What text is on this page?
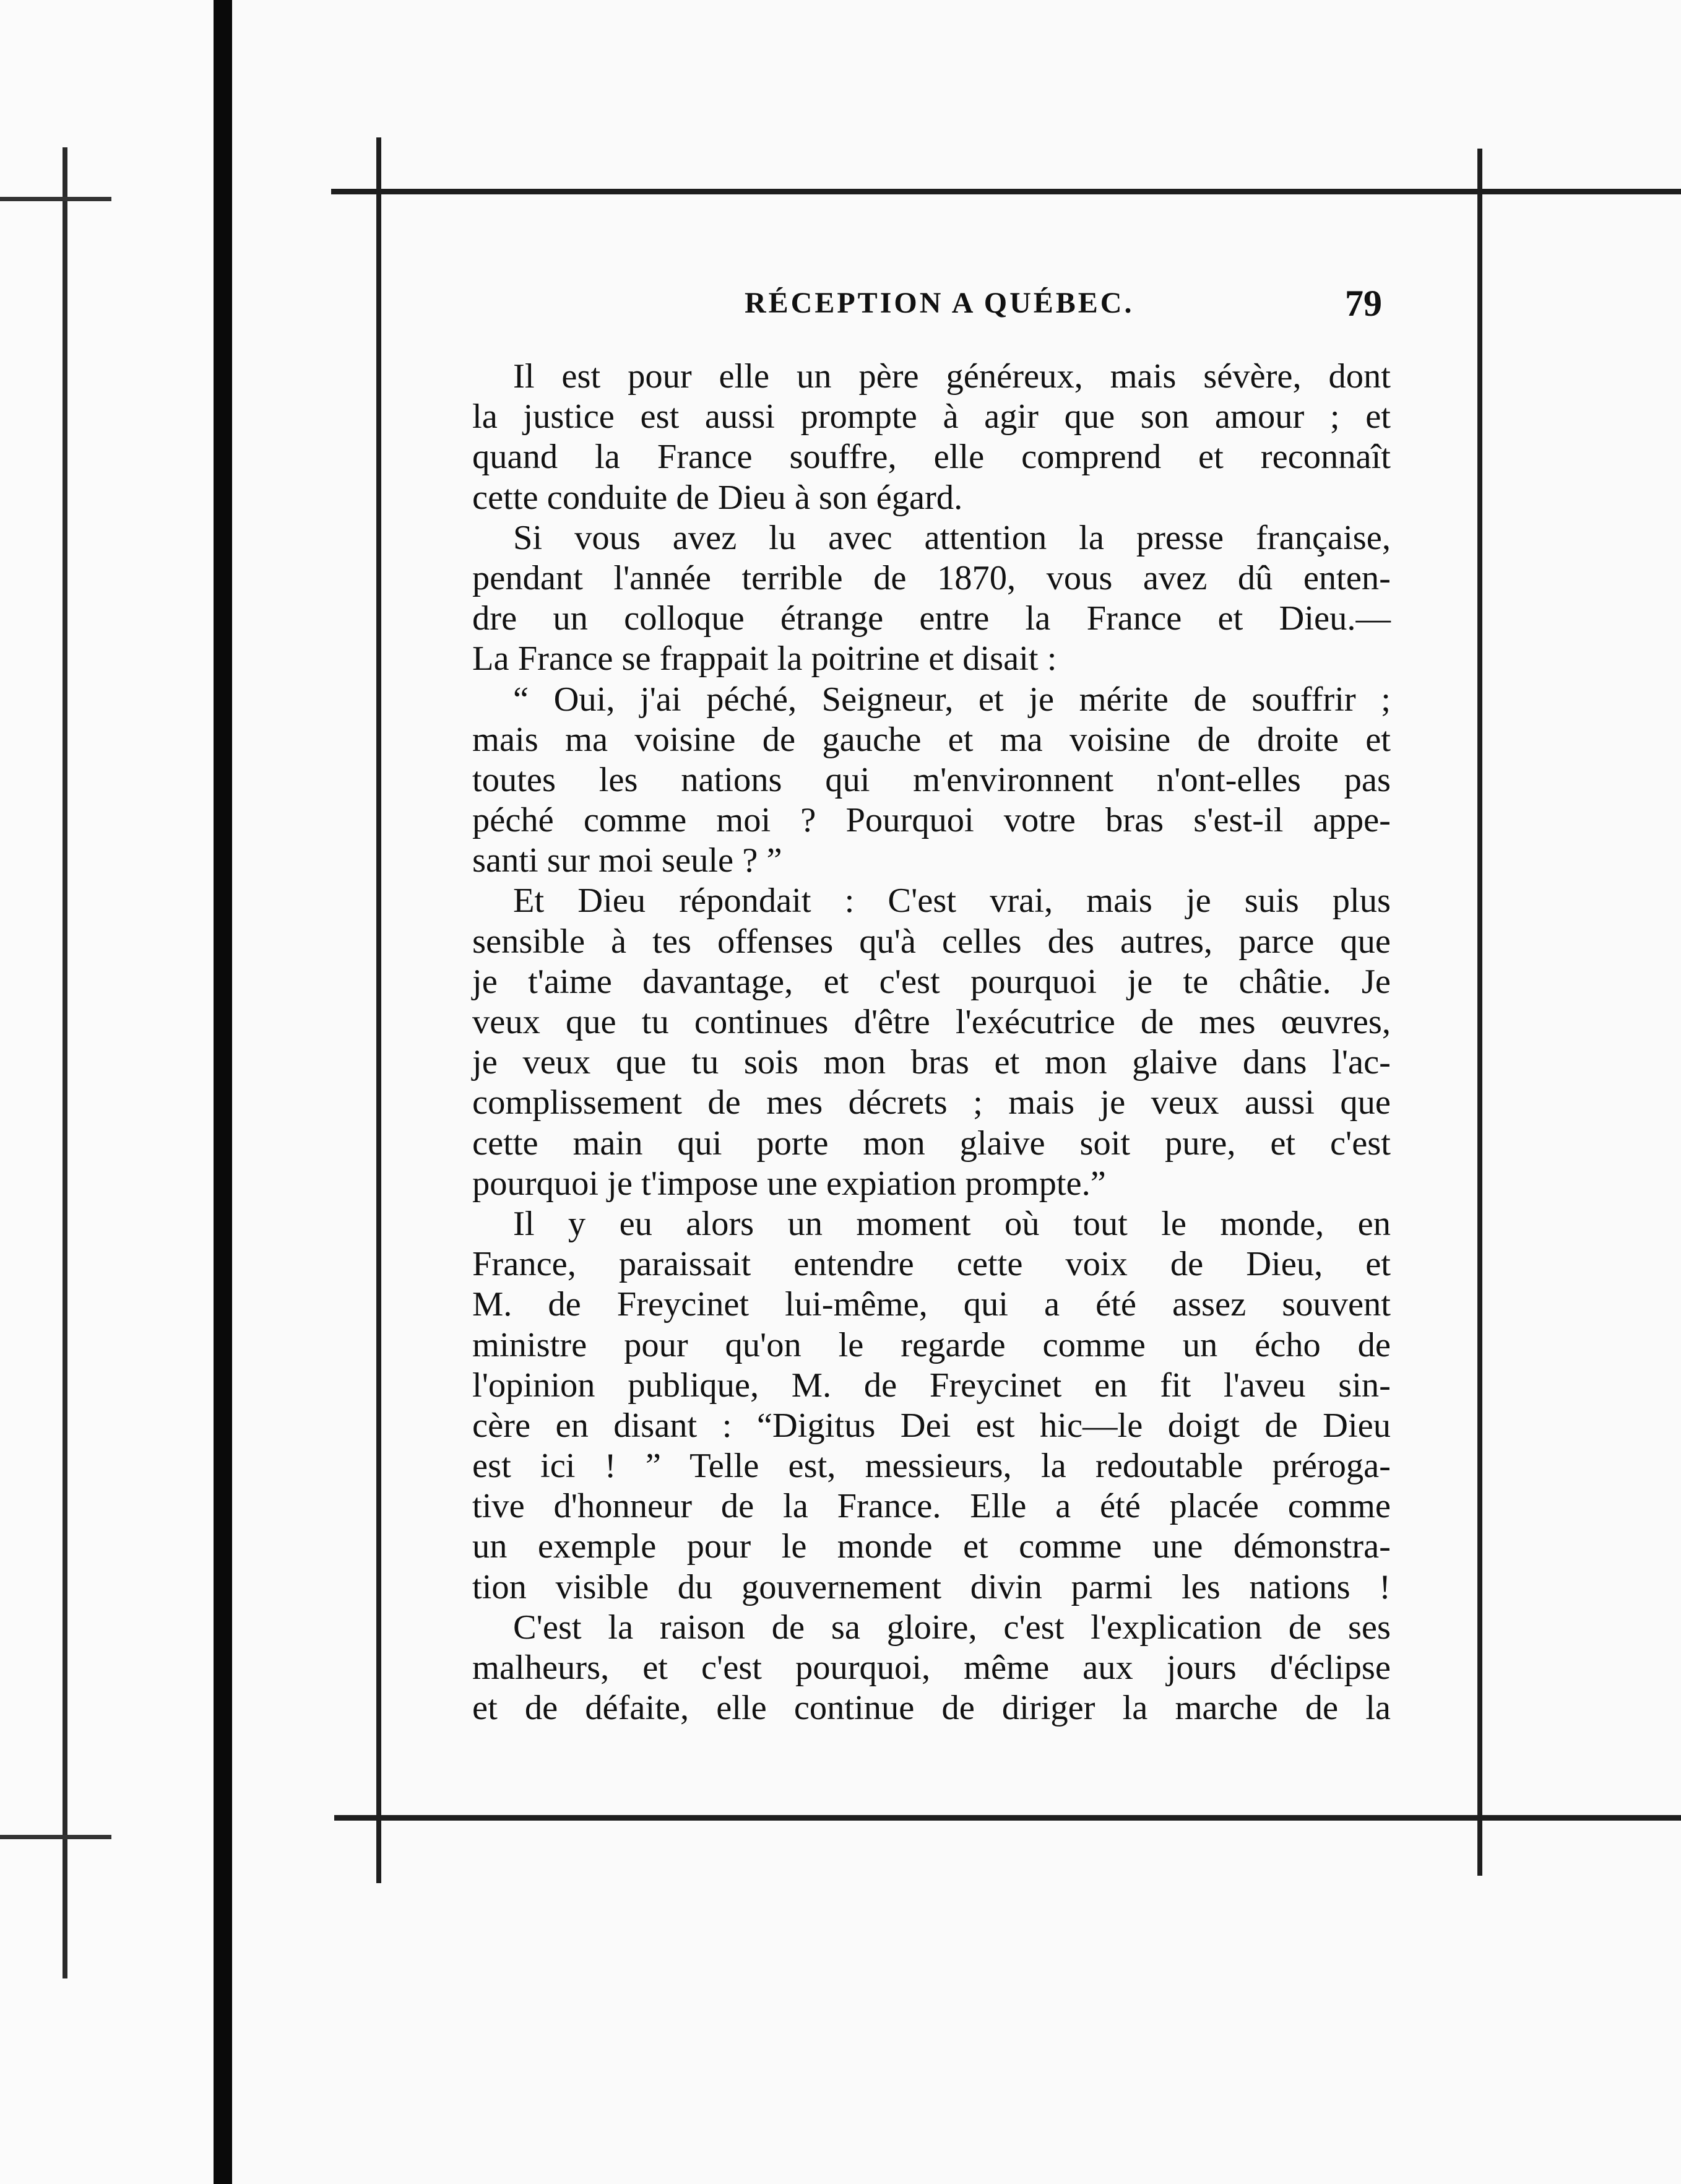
RÉCEPTION A QUÉBEC.	79
Il est pour elle un père généreux, mais sévère, dont
la justice est aussi prompte à agir que son amour ; et
quand la France souffre, elle comprend et reconnaît
cette conduite de Dieu à son égard.
Si vous avez lu avec attention la presse française,
pendant l'année terrible de 1870, vous avez dû enten-
dre un colloque étrange entre la France et Dieu.—
La France se frappait la poitrine et disait :
“ Oui, j'ai péché, Seigneur, et je mérite de souffrir ;
mais ma voisine de gauche et ma voisine de droite et
toutes les nations qui m'environnent n'ont-elles pas
péché comme moi ? Pourquoi votre bras s'est-il appe-
santi sur moi seule ? ”
Et Dieu répondait : C'est vrai, mais je suis plus
sensible à tes offenses qu'à celles des autres, parce que
je t'aime davantage, et c'est pourquoi je te châtie. Je
veux que tu continues d'être l'exécutrice de mes œuvres,
je veux que tu sois mon bras et mon glaive dans l'ac-
complissement de mes décrets ; mais je veux aussi que
cette main qui porte mon glaive soit pure, et c'est
pourquoi je t'impose une expiation prompte.”
Il y eu alors un moment où tout le monde, en
France, paraissait entendre cette voix de Dieu, et
M. de Freycinet lui-même, qui a été assez souvent
ministre pour qu'on le regarde comme un écho de
l'opinion publique, M. de Freycinet en fit l'aveu sin-
cère en disant : “Digitus Dei est hic—le doigt de Dieu
est ici ! ” Telle est, messieurs, la redoutable préroga-
tive d'honneur de la France. Elle a été placée comme
un exemple pour le monde et comme une démonstra-
tion visible du gouvernement divin parmi les nations !
C'est la raison de sa gloire, c'est l'explication de ses
malheurs, et c'est pourquoi, même aux jours d'éclipse
et de défaite, elle continue de diriger la marche de la
